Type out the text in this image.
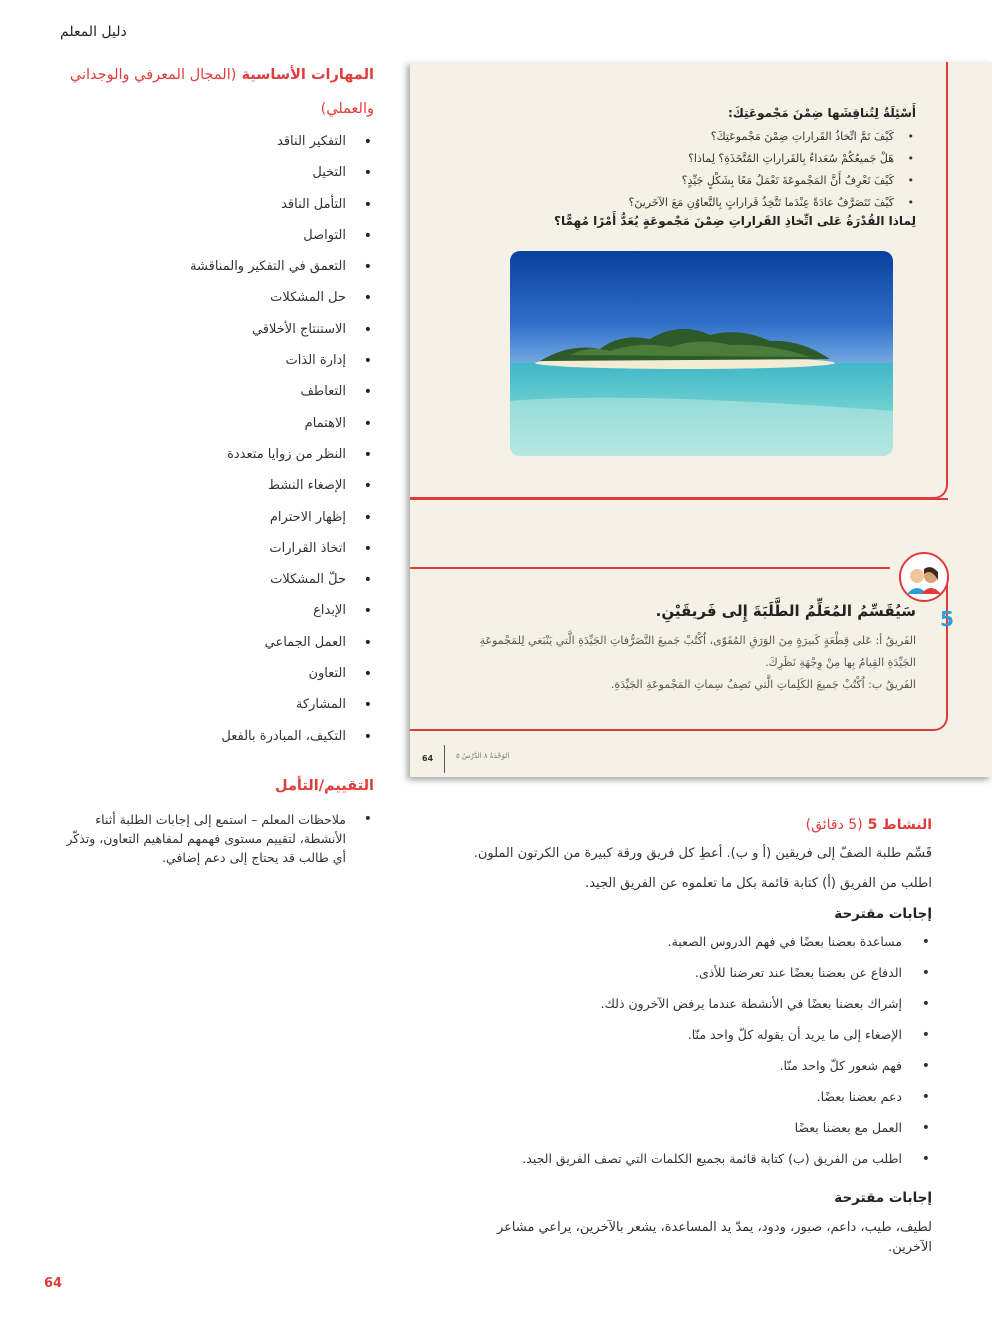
دليل المعلم
المهارات الأساسية (المجال المعرفي والوجداني والعملي)
التفكير الناقد •
التخيل •
التأمل الناقد •
التواصل •
التعمق في التفكير والمناقشة •
حل المشكلات •
الاستنتاج الأخلاقي •
إدارة الذات •
التعاطف •
الاهتمام •
النظر من زوايا متعددة •
الإصغاء النشط •
إظهار الاحترام •
اتخاذ القرارات •
حلّ المشكلات •
الإبداع •
العمل الجماعي •
التعاون •
المشاركة •
التكيف، المبادرة بالفعل •
التقييم/التأمل
ملاحظات المعلم – استمع إلى إجابات الطلبة أثناء الأنشطة، لتقييم مستوى فهمهم لمفاهيم التعاون، وتذكّر أي طالب قد يحتاج إلى دعم إضافي. •
أَسْئِلَةٌ لِتُناقِشَها ضِمْنَ مَجْموعَتِكَ:
كَيْفَ تَمَّ اتِّخاذُ القَراراتِ ضِمْنَ مَجْموعَتِكَ؟ •
هَلْ جَميعُكُمْ سُعَداءُ بِالقَراراتِ المُتَّخَذَةِ؟ لِماذا؟ •
كَيْفَ تَعْرِفُ أَنَّ المَجْموعَةَ تَعْمَلُ مَعًا بِشَكْلٍ جَيِّدٍ؟ •
كَيْفَ تَتَصَرَّفُ عادَةً عِنْدَما تَتَّخِذُ قَراراتٍ بِالتَّعاوُنِ مَعَ الآخَرينَ؟ •
لِماذا القُدْرَةُ عَلى اتِّخاذِ القَراراتِ ضِمْنَ مَجْموعَةٍ يُعَدُّ أَمْرًا مُهِمًّا؟
5
سَيُقَسِّمُ المُعَلِّمُ الطَّلَبَةَ إِلى فَريقَيْنِ.

الفَريقُ أ: عَلى قِطْعَةٍ كَبيرَةٍ مِنَ الوَرَقِ المُقَوّى، اُكْتُبْ جَميعَ التَّصَرُّفاتِ الجَيِّدَةِ الَّتي يَنْبَغي لِلمَجْموعَةِ الجَيِّدَةِ القِيامُ بِها مِنْ وِجْهَةِ نَظَرِكَ.

الفَريقُ ب: اُكْتُبْ جَميعَ الكَلِماتِ الَّتي تَصِفُ سِماتِ المَجْموعَةِ الجَيِّدَةِ.

64	الوَحْدَةُ ٨ الدَّرْسُ ٥
النشاط 5 (5 دقائق)

قَسِّم طلبة الصفّ إلى فريقين (أ و ب). أعطِ كل فريق ورقة كبيرة من الكرتون الملون.

اطلب من الفريق (أ) كتابة قائمة بكل ما تعلموه عن الفريق الجيد.

إجابات مقترحة
مساعدة بعضنا بعضًا في فهم الدروس الصعبة. •
الدفاع عن بعضنا بعضًا عند تعرضنا للأذى. •
إشراك بعضنا بعضًا في الأنشطة عندما يرفض الآخرون ذلك. •
الإصغاء إلى ما يريد أن يقوله كلّ واحد منّا. •
فهم شعور كلّ واحد منّا. •
دعم بعضنا بعضًا. •
العمل مع بعضنا بعضًا •
اطلب من الفريق (ب) كتابة قائمة بجميع الكلمات التي تصف الفريق الجيد. •
إجابات مقترحة

لطيف، طيب، داعم، صبور، ودود، يمدّ يد المساعدة، يشعر بالآخرين، يراعي مشاعر الآخرين.

64
